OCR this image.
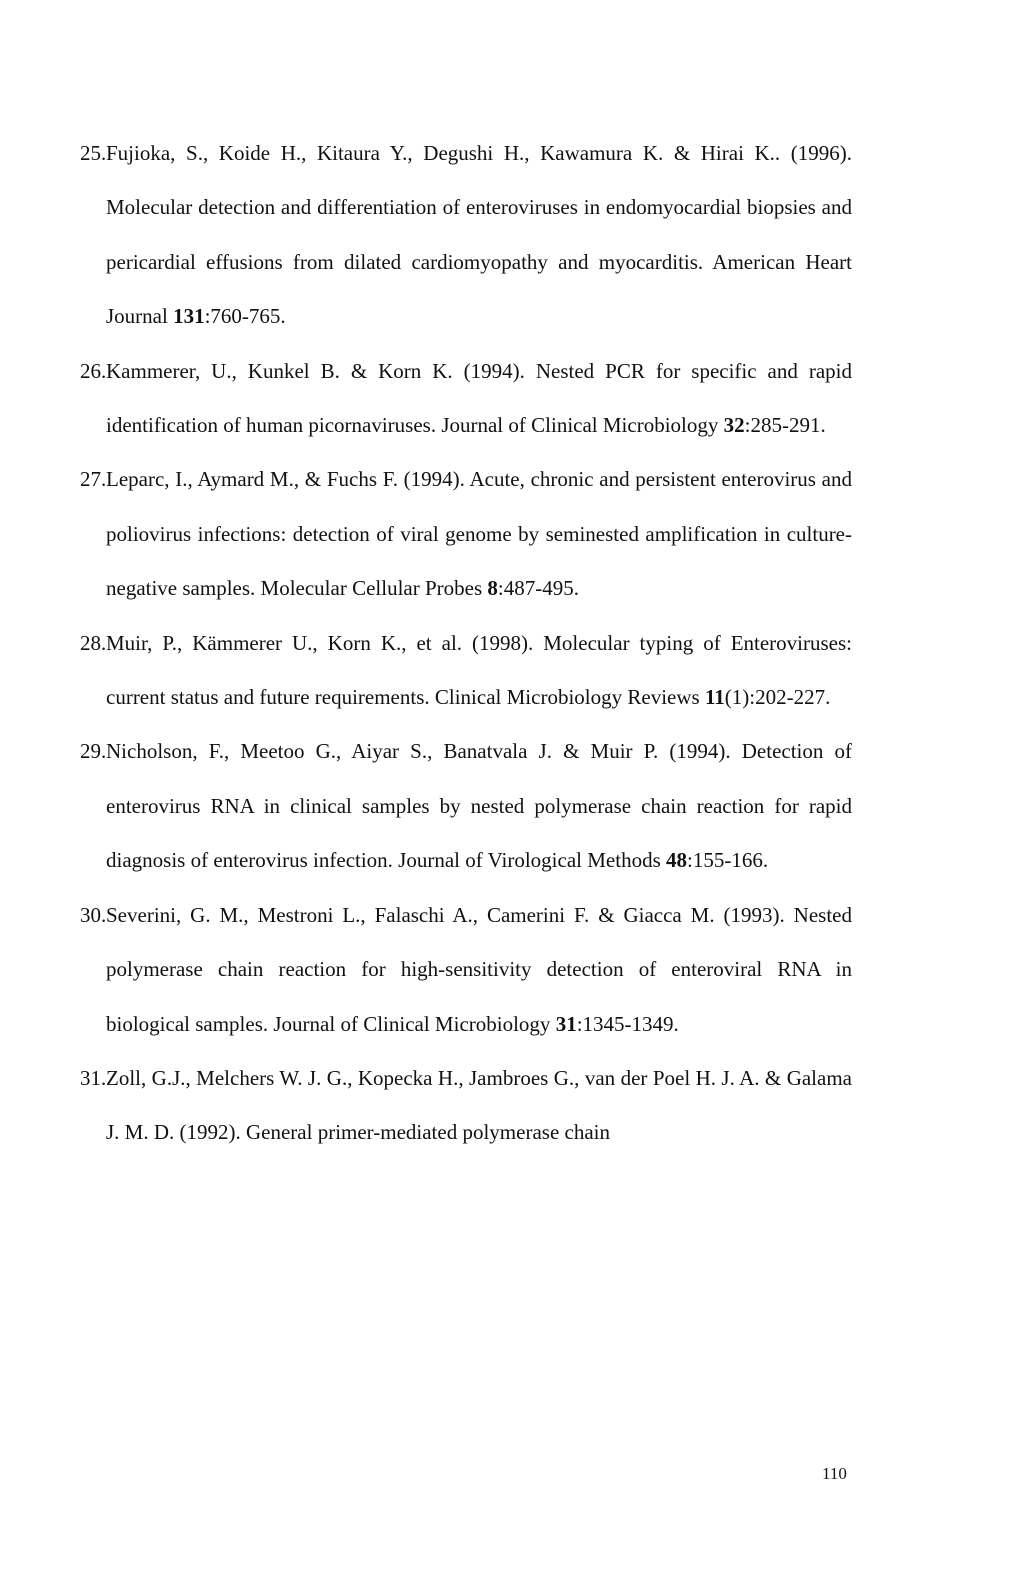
25. Fujioka, S., Koide H., Kitaura Y., Degushi H., Kawamura K. & Hirai K.. (1996). Molecular detection and differentiation of enteroviruses in endomyocardial biopsies and pericardial effusions from dilated cardiomyopathy and myocarditis. American Heart Journal 131:760-765.
26. Kammerer, U., Kunkel B. & Korn K. (1994). Nested PCR for specific and rapid identification of human picornaviruses. Journal of Clinical Microbiology 32:285-291.
27. Leparc, I., Aymard M., & Fuchs F. (1994). Acute, chronic and persistent enterovirus and poliovirus infections: detection of viral genome by seminested amplification in culture-negative samples. Molecular Cellular Probes 8:487-495.
28. Muir, P., Kämmerer U., Korn K., et al. (1998). Molecular typing of Enteroviruses: current status and future requirements. Clinical Microbiology Reviews 11(1):202-227.
29. Nicholson, F., Meetoo G., Aiyar S., Banatvala J. & Muir P. (1994). Detection of enterovirus RNA in clinical samples by nested polymerase chain reaction for rapid diagnosis of enterovirus infection. Journal of Virological Methods 48:155-166.
30. Severini, G. M., Mestroni L., Falaschi A., Camerini F. & Giacca M. (1993). Nested polymerase chain reaction for high-sensitivity detection of enteroviral RNA in biological samples. Journal of Clinical Microbiology 31:1345-1349.
31. Zoll, G.J., Melchers W. J. G., Kopecka H., Jambroes G., van der Poel H. J. A. & Galama J. M. D. (1992). General primer-mediated polymerase chain
110
